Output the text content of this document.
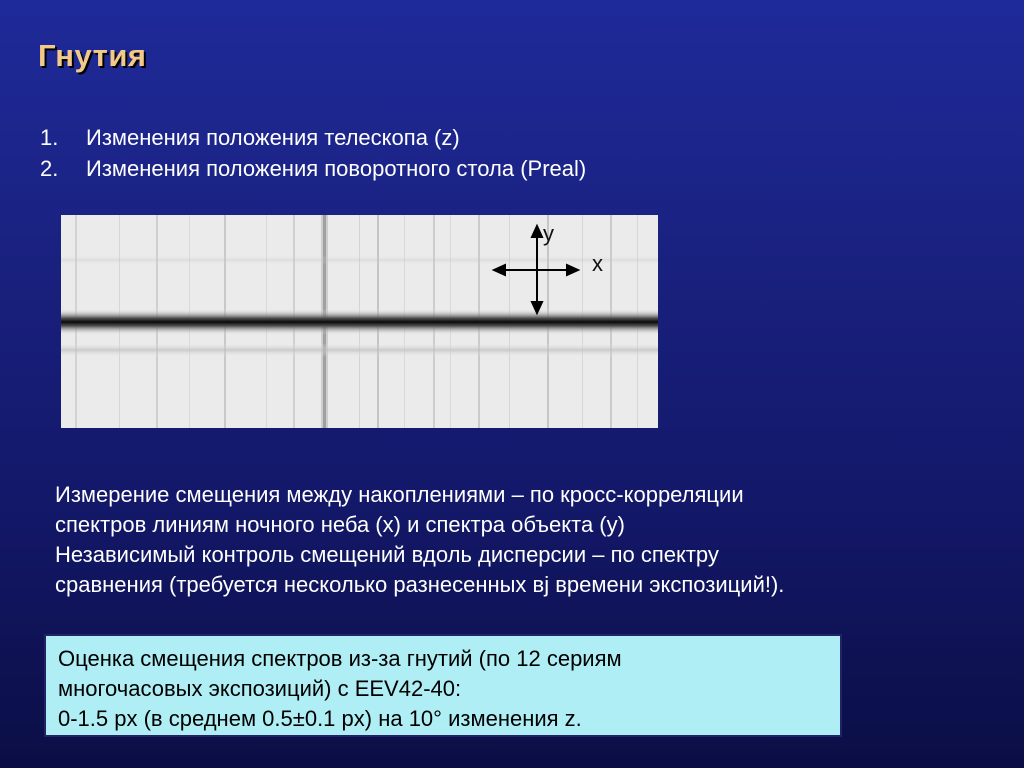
Гнутия
1.	Изменения положения телескопа (z)
2.	Изменения положения поворотного стола (Preal)
y
x
Измерение смещения между накоплениями – по кросс-корреляции
спектров линиям ночного неба (x) и спектра объекта (y)
Независимый контроль смещений вдоль дисперсии – по спектру
сравнения (требуется несколько разнесенных вj времени экспозиций!).
Оценка смещения спектров из-за гнутий (по 12 сериям
многочасовых экспозиций) с EEV42-40:
0-1.5 px (в среднем 0.5±0.1 px) на 10° изменения z.
